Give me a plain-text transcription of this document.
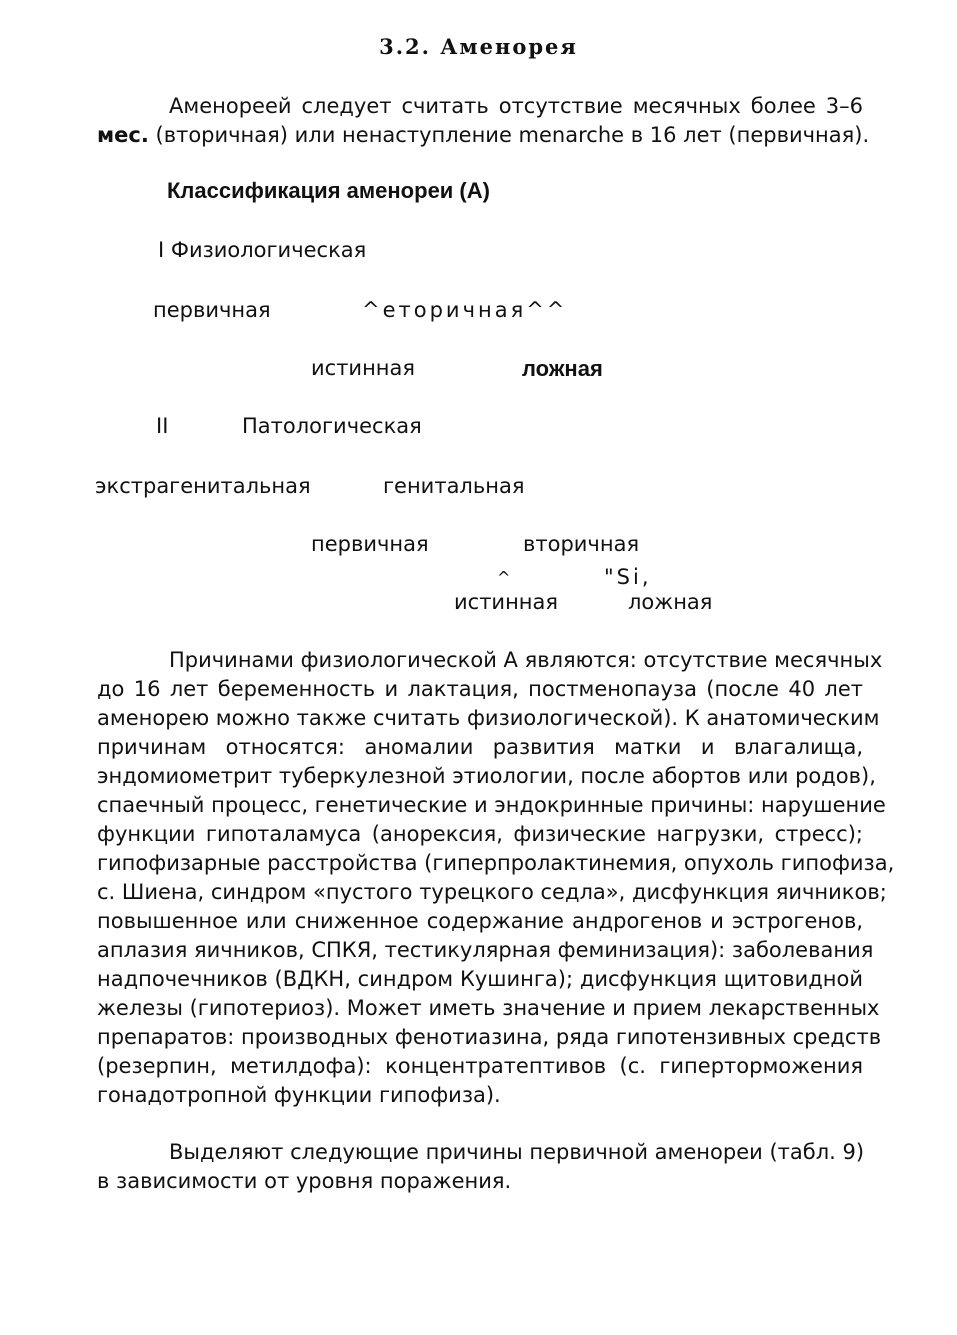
3.2. Аменорея
Аменореей следует считать отсутствие месячных более 3–6
мес. (вторичная) или ненаступление menarche в 16 лет (первичная).
Классификация аменореи (А)
I Физиологическая
первичная	^еторичная^^
истинная	ложная
II	Патологическая
экстрагенитальная	генитальная
первичная	вторичная
^	"Si,
истинная	ложная
Причинами физиологической А являются: отсутствие месячных
до 16 лет беременность и лактация, постменопауза (после 40 лет
аменорею можно также считать физиологической). К анатомическим
причинам относятся: аномалии развития матки и влагалища,
эндомиометрит туберкулезной этиологии, после абортов или родов),
спаечный процесс, генетические и эндокринные причины: нарушение
функции гипоталамуса (анорексия, физические нагрузки, стресс);
гипофизарные расстройства (гиперпролактинемия, опухоль гипофиза,
с. Шиена, синдром «пустого турецкого седла», дисфункция яичников;
повышенное или сниженное содержание андрогенов и эстрогенов,
аплазия яичников, СПКЯ, тестикулярная феминизация): заболевания
надпочечников (ВДКН, синдром Кушинга); дисфункция щитовидной
железы (гипотериоз). Может иметь значение и прием лекарственных
препаратов: производных фенотиазина, ряда гипотензивных средств
(резерпин, метилдофа): концентратептивов (с. гиперторможения
гонадотропной функции гипофиза).
Выделяют следующие причины первичной аменореи (табл. 9)
в зависимости от уровня поражения.
